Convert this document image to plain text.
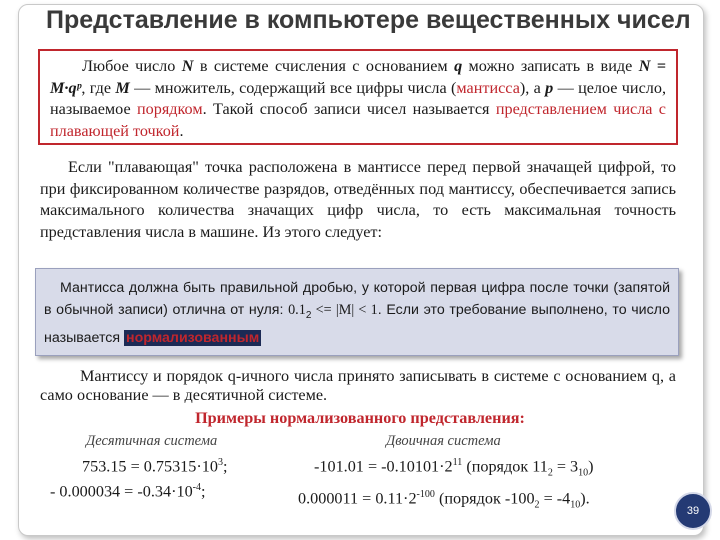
Представление в компьютере вещественных чисел
Любое число N в системе счисления с основанием q можно записать в виде N = M·qᵖ, где M — множитель, содержащий все цифры числа (мантисса), а p — целое число, называемое порядком. Такой способ записи чисел называется представлением числа с плавающей точкой.
Если "плавающая" точка расположена в мантиссе перед первой значащей цифрой, то при фиксированном количестве разрядов, отведённых под мантиссу, обеспечивается запись максимального количества значащих цифр числа, то есть максимальная точность представления числа в машине. Из этого следует:
Мантисса должна быть правильной дробью, у которой первая цифра после точки (запятой в обычной записи) отлична от нуля: $0.1_2 <= |M| < 1$. Если это требование выполнено, то число называется нормализованным
Мантиссу и порядок q-ичного числа принято записывать в системе с основанием q, а само основание — в десятичной системе.
Примеры нормализованного представления:
Десятичная система
$753.15 = 0.75315\cdot 10^3$;
- $0.000034 = -0.34\cdot 10^{-4}$;
Двоичная система
$-101.01 = -0.10101\cdot 2^{11}$ (порядок $11_2 = 3_{10}$)
$0.000011 = 0.11\cdot 2^{-100}$ (порядок $-100_2 = -4_{10}$).
39
